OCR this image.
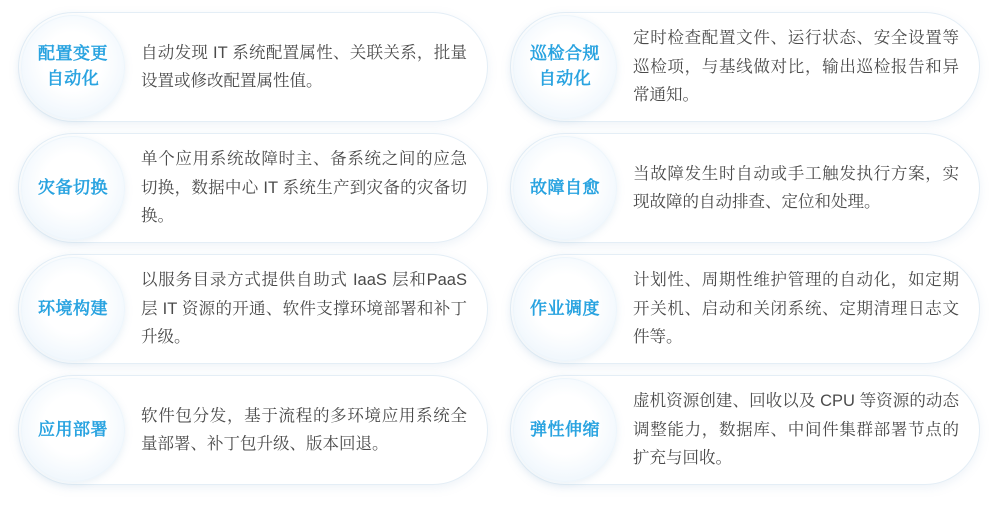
配置变更
自动化
自动发现 IT 系统配置属性、关联关系，批量设置或修改配置属性值。
巡检合规
自动化
定时检查配置文件、运行状态、安全设置等巡检项，与基线做对比，输出巡检报告和异常通知。
灾备切换
单个应用系统故障时主、备系统之间的应急切换，数据中心 IT 系统生产到灾备的灾备切换。
故障自愈
当故障发生时自动或手工触发执行方案，实现故障的自动排查、定位和处理。
环境构建
以服务目录方式提供自助式 IaaS 层和PaaS 层 IT 资源的开通、软件支撑环境部署和补丁升级。
作业调度
计划性、周期性维护管理的自动化，如定期开关机、启动和关闭系统、定期清理日志文件等。
应用部署
软件包分发，基于流程的多环境应用系统全量部署、补丁包升级、版本回退。
弹性伸缩
虚机资源创建、回收以及 CPU 等资源的动态调整能力，数据库、中间件集群部署节点的扩充与回收。
